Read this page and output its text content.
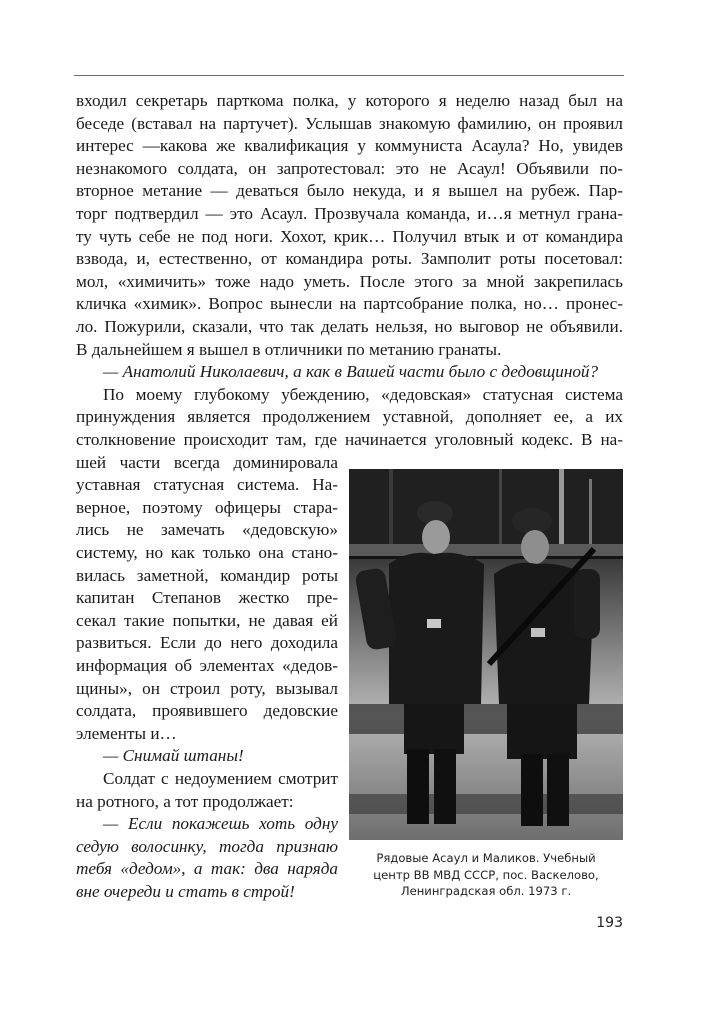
входил секретарь парткома полка, у которого я неделю назад был на
беседе (вставал на партучет). Услышав знакомую фамилию, он проявил
интерес —какова же квалификация у коммуниста Асаула? Но, увидев
незнакомого солдата, он запротестовал: это не Асаул! Объявили по-
вторное метание — деваться было некуда, и я вышел на рубеж. Пар-
торг подтвердил — это Асаул. Прозвучала команда, и…я метнул грана-
ту чуть себе не под ноги. Хохот, крик… Получил втык и от командира
взвода, и, естественно, от командира роты. Замполит роты посетовал:
мол, «химичить» тоже надо уметь. После этого за мной закрепилась
кличка «химик». Вопрос вынесли на партсобрание полка, но… пронес-
ло. Пожурили, сказали, что так делать нельзя, но выговор не объявили.
В дальнейшем я вышел в отличники по метанию гранаты.
— Анатолий Николаевич, а как в Вашей части было с дедовщиной?
По моему глубокому убеждению, «дедовская» статусная система
принуждения является продолжением уставной, дополняет ее, а их
столкновение происходит там, где начинается уголовный кодекс. В на-
шей части всегда доминировала
уставная статусная система. На-
верное, поэтому офицеры стара-
лись не замечать «дедовскую»
систему, но как только она стано-
вилась заметной, командир роты
капитан Степанов жестко пре-
секал такие попытки, не давая ей
развиться. Если до него доходила
информация об элементах «дедов-
щины», он строил роту, вызывал
солдата, проявившего дедовские
элементы и…
— Снимай штаны!
Солдат с недоумением смотрит
на ротного, а тот продолжает:
— Если покажешь хоть одну
седую волосинку, тогда признаю
тебя «дедом», а так: два наряда
вне очереди и стать в строй!
Рядовые Асаул и Маликов. Учебный
центр ВВ МВД СССР, пос. Васкелово,
Ленинградская обл. 1973 г.
193
